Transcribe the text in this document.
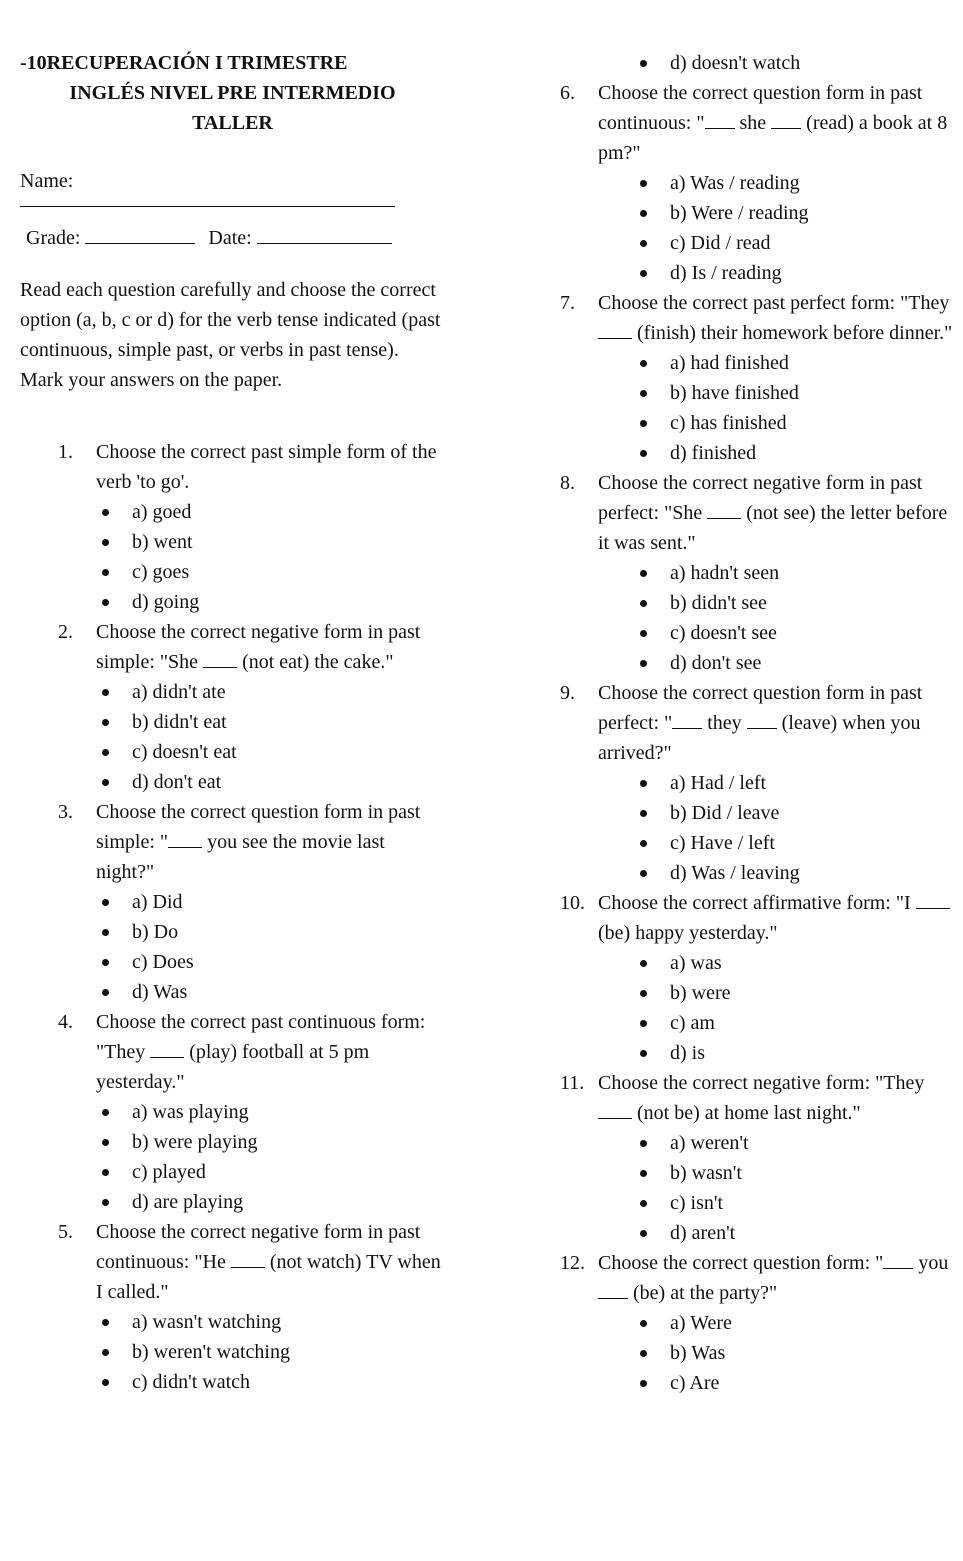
-10RECUPERACIÓN I TRIMESTRE
INGLÉS NIVEL PRE INTERMEDIO
TALLER
Name:
Grade:	Date:
Read each question carefully and choose the correct option (a, b, c or d) for the verb tense indicated (past continuous, simple past, or verbs in past tense). Mark your answers on the paper.
1. Choose the correct past simple form of the verb 'to go'.
a) goed
b) went
c) goes
d) going
2. Choose the correct negative form in past simple: "She  (not eat) the cake."
a) didn't ate
b) didn't eat
c) doesn't eat
d) don't eat
3. Choose the correct question form in past simple: " you see the movie last night?"
a) Did
b) Do
c) Does
d) Was
4. Choose the correct past continuous form: "They  (play) football at 5 pm yesterday."
a) was playing
b) were playing
c) played
d) are playing
5. Choose the correct negative form in past continuous: "He  (not watch) TV when I called."
a) wasn't watching
b) weren't watching
c) didn't watch
d) doesn't watch
6. Choose the correct question form in past continuous: " she  (read) a book at 8 pm?"
a) Was / reading
b) Were / reading
c) Did / read
d) Is / reading
7. Choose the correct past perfect form: "They  (finish) their homework before dinner."
a) had finished
b) have finished
c) has finished
d) finished
8. Choose the correct negative form in past perfect: "She  (not see) the letter before it was sent."
a) hadn't seen
b) didn't see
c) doesn't see
d) don't see
9. Choose the correct question form in past perfect: " they  (leave) when you arrived?"
a) Had / left
b) Did / leave
c) Have / left
d) Was / leaving
10. Choose the correct affirmative form: "I  (be) happy yesterday."
a) was
b) were
c) am
d) is
11. Choose the correct negative form: "They  (not be) at home last night."
a) weren't
b) wasn't
c) isn't
d) aren't
12. Choose the correct question form: " you  (be) at the party?"
a) Were
b) Was
c) Are
